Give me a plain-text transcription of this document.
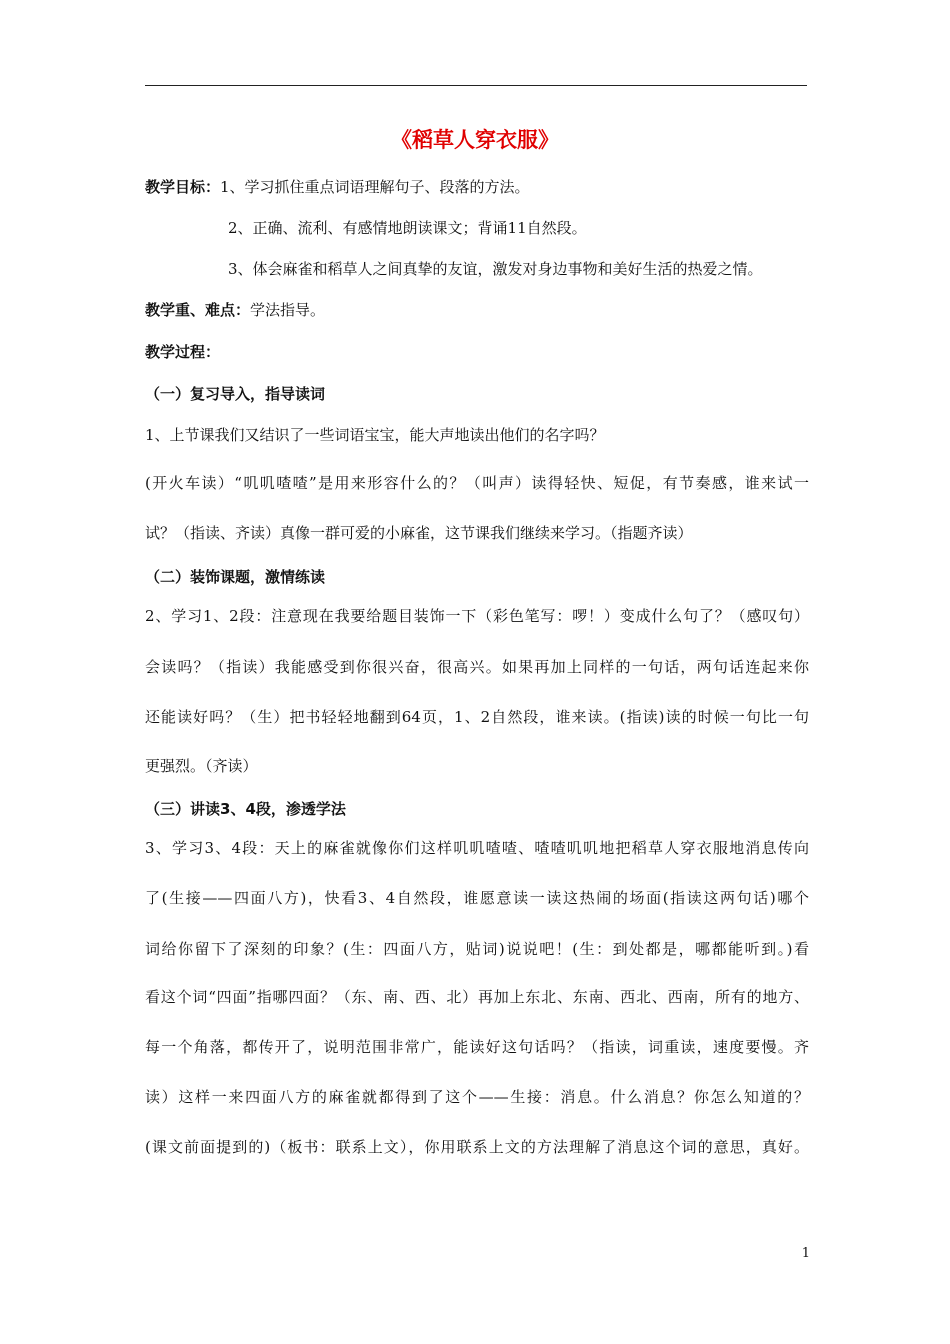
《稻草人穿衣服》
教学目标：1、学习抓住重点词语理解句子、段落的方法。
2、正确、流利、有感情地朗读课文；背诵11自然段。
3、体会麻雀和稻草人之间真挚的友谊，激发对身边事物和美好生活的热爱之情。
教学重、难点：学法指导。
教学过程：
（一）复习导入，指导读词
1、上节课我们又结识了一些词语宝宝，能大声地读出他们的名字吗？
(开火车读）“叽叽喳喳”是用来形容什么的？（叫声）读得轻快、短促，有节奏感，谁来试一
试？（指读、齐读）真像一群可爱的小麻雀，这节课我们继续来学习。（指题齐读）
（二）装饰课题，激情练读
2、学习1、2段：注意现在我要给题目装饰一下（彩色笔写：啰！）变成什么句了？（感叹句）
会读吗？（指读）我能感受到你很兴奋，很高兴。如果再加上同样的一句话，两句话连起来你
还能读好吗？（生）把书轻轻地翻到64页，1、2自然段，谁来读。(指读)读的时候一句比一句
更强烈。（齐读）
（三）讲读3、4段，渗透学法
3、学习3、4段：天上的麻雀就像你们这样叽叽喳喳、喳喳叽叽地把稻草人穿衣服地消息传向
了(生接——四面八方)，快看3、4自然段，谁愿意读一读这热闹的场面(指读这两句话)哪个
词给你留下了深刻的印象？(生：四面八方，贴词)说说吧！(生：到处都是，哪都能听到。)看
看这个词“四面”指哪四面？（东、南、西、北）再加上东北、东南、西北、西南，所有的地方、
每一个角落，都传开了，说明范围非常广，能读好这句话吗？（指读，词重读，速度要慢。齐
读）这样一来四面八方的麻雀就都得到了这个——生接：消息。什么消息？你怎么知道的？
(课文前面提到的)（板书：联系上文），你用联系上文的方法理解了消息这个词的意思，真好。
1
